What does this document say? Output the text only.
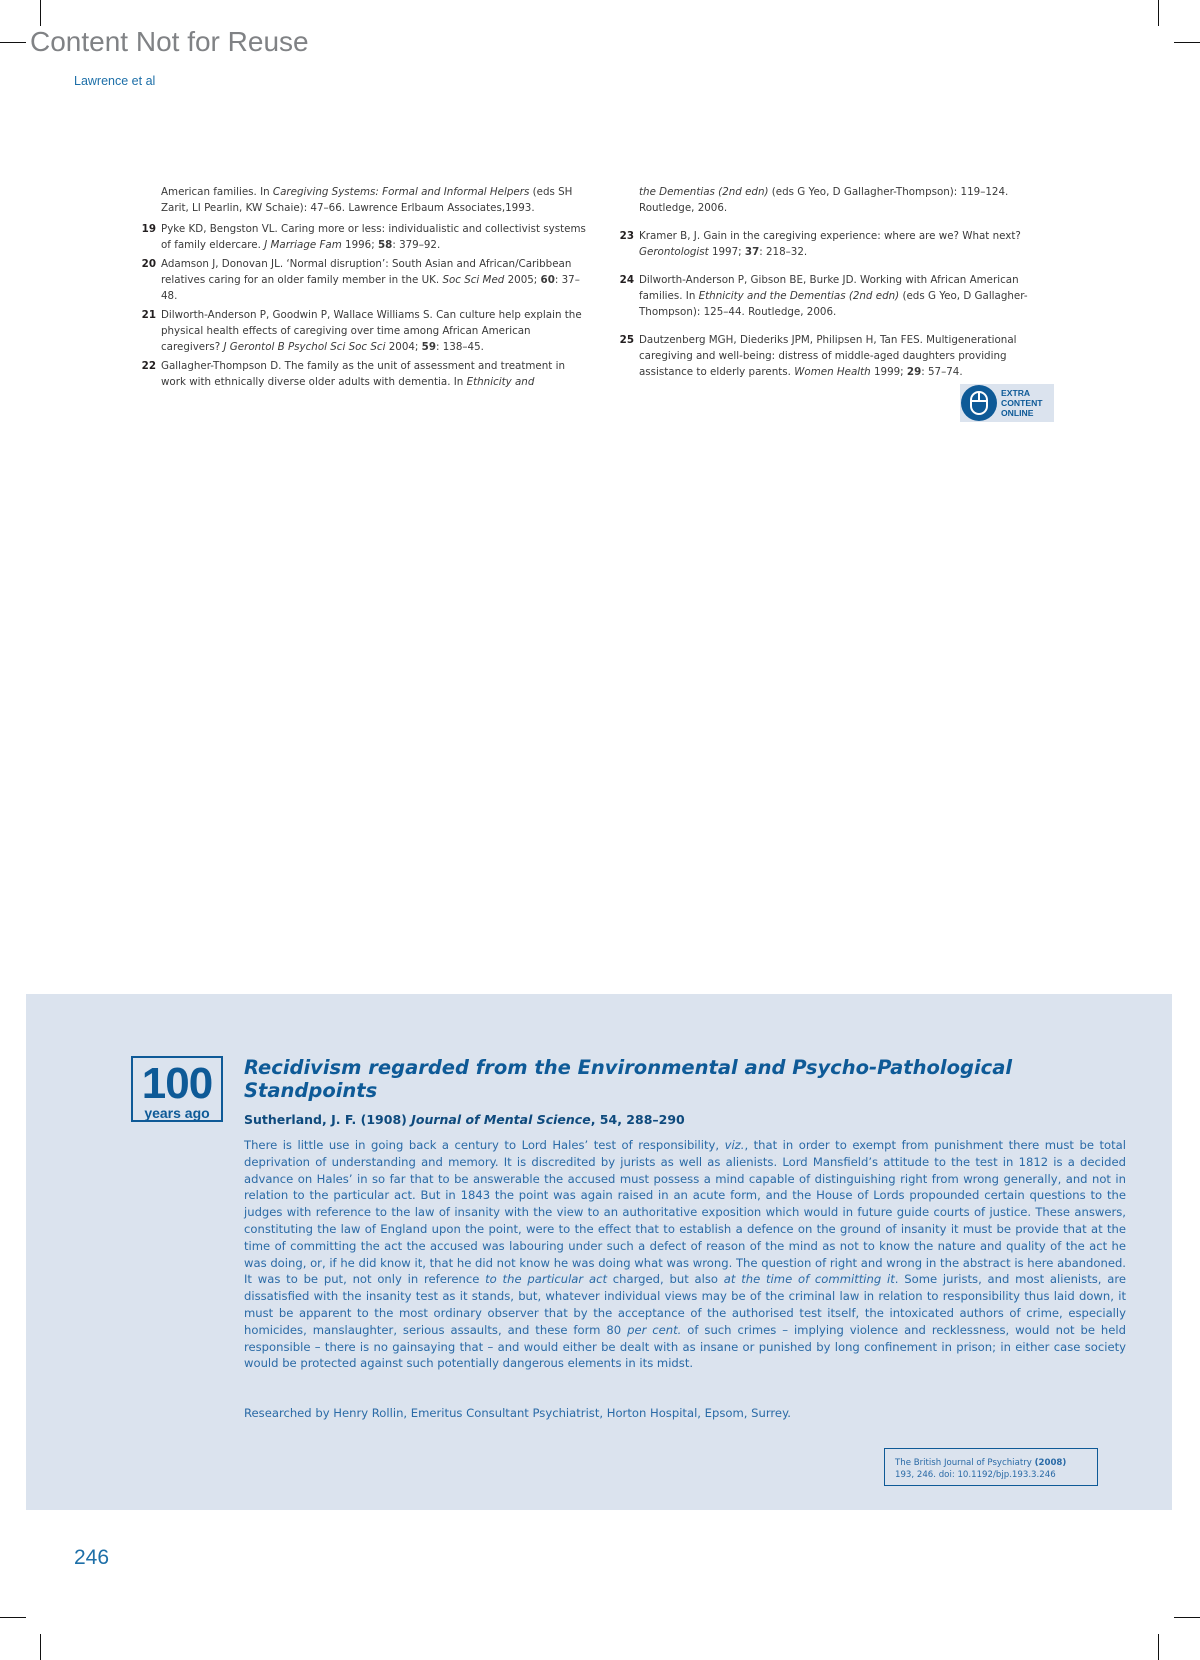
Content Not for Reuse
Lawrence et al
American families. In Caregiving Systems: Formal and Informal Helpers (eds SH Zarit, LI Pearlin, KW Schaie): 47–66. Lawrence Erlbaum Associates,1993.
19 Pyke KD, Bengston VL. Caring more or less: individualistic and collectivist systems of family eldercare. J Marriage Fam 1996; 58: 379–92.
20 Adamson J, Donovan JL. ‘Normal disruption’: South Asian and African/Caribbean relatives caring for an older family member in the UK. Soc Sci Med 2005; 60: 37–48.
21 Dilworth-Anderson P, Goodwin P, Wallace Williams S. Can culture help explain the physical health effects of caregiving over time among African American caregivers? J Gerontol B Psychol Sci Soc Sci 2004; 59: 138–45.
22 Gallagher-Thompson D. The family as the unit of assessment and treatment in work with ethnically diverse older adults with dementia. In Ethnicity and
the Dementias (2nd edn) (eds G Yeo, D Gallagher-Thompson): 119–124. Routledge, 2006.
23 Kramer B, J. Gain in the caregiving experience: where are we? What next? Gerontologist 1997; 37: 218–32.
24 Dilworth-Anderson P, Gibson BE, Burke JD. Working with African American families. In Ethnicity and the Dementias (2nd edn) (eds G Yeo, D Gallagher-Thompson): 125–44. Routledge, 2006.
25 Dautzenberg MGH, Diederiks JPM, Philipsen H, Tan FES. Multigenerational caregiving and well-being: distress of middle-aged daughters providing assistance to elderly parents. Women Health 1999; 29: 57–74.
EXTRA
CONTENT
ONLINE
100
years ago
Recidivism regarded from the Environmental and Psycho-Pathological Standpoints
Sutherland, J. F. (1908) Journal of Mental Science, 54, 288–290
There is little use in going back a century to Lord Hales’ test of responsibility, viz., that in order to exempt from punishment there must be total deprivation of understanding and memory. It is discredited by jurists as well as alienists. Lord Mansfield’s attitude to the test in 1812 is a decided advance on Hales’ in so far that to be answerable the accused must possess a mind capable of distinguishing right from wrong generally, and not in relation to the particular act. But in 1843 the point was again raised in an acute form, and the House of Lords propounded certain questions to the judges with reference to the law of insanity with the view to an authoritative exposition which would in future guide courts of justice. These answers, constituting the law of England upon the point, were to the effect that to establish a defence on the ground of insanity it must be provide that at the time of committing the act the accused was labouring under such a defect of reason of the mind as not to know the nature and quality of the act he was doing, or, if he did know it, that he did not know he was doing what was wrong. The question of right and wrong in the abstract is here abandoned. It was to be put, not only in reference to the particular act charged, but also at the time of committing it. Some jurists, and most alienists, are dissatisfied with the insanity test as it stands, but, whatever individual views may be of the criminal law in relation to responsibility thus laid down, it must be apparent to the most ordinary observer that by the acceptance of the authorised test itself, the intoxicated authors of crime, especially homicides, manslaughter, serious assaults, and these form 80 per cent. of such crimes – implying violence and recklessness, would not be held responsible – there is no gainsaying that – and would either be dealt with as insane or punished by long confinement in prison; in either case society would be protected against such potentially dangerous elements in its midst.
Researched by Henry Rollin, Emeritus Consultant Psychiatrist, Horton Hospital, Epsom, Surrey.
The British Journal of Psychiatry (2008)
193, 246. doi: 10.1192/bjp.193.3.246
246
